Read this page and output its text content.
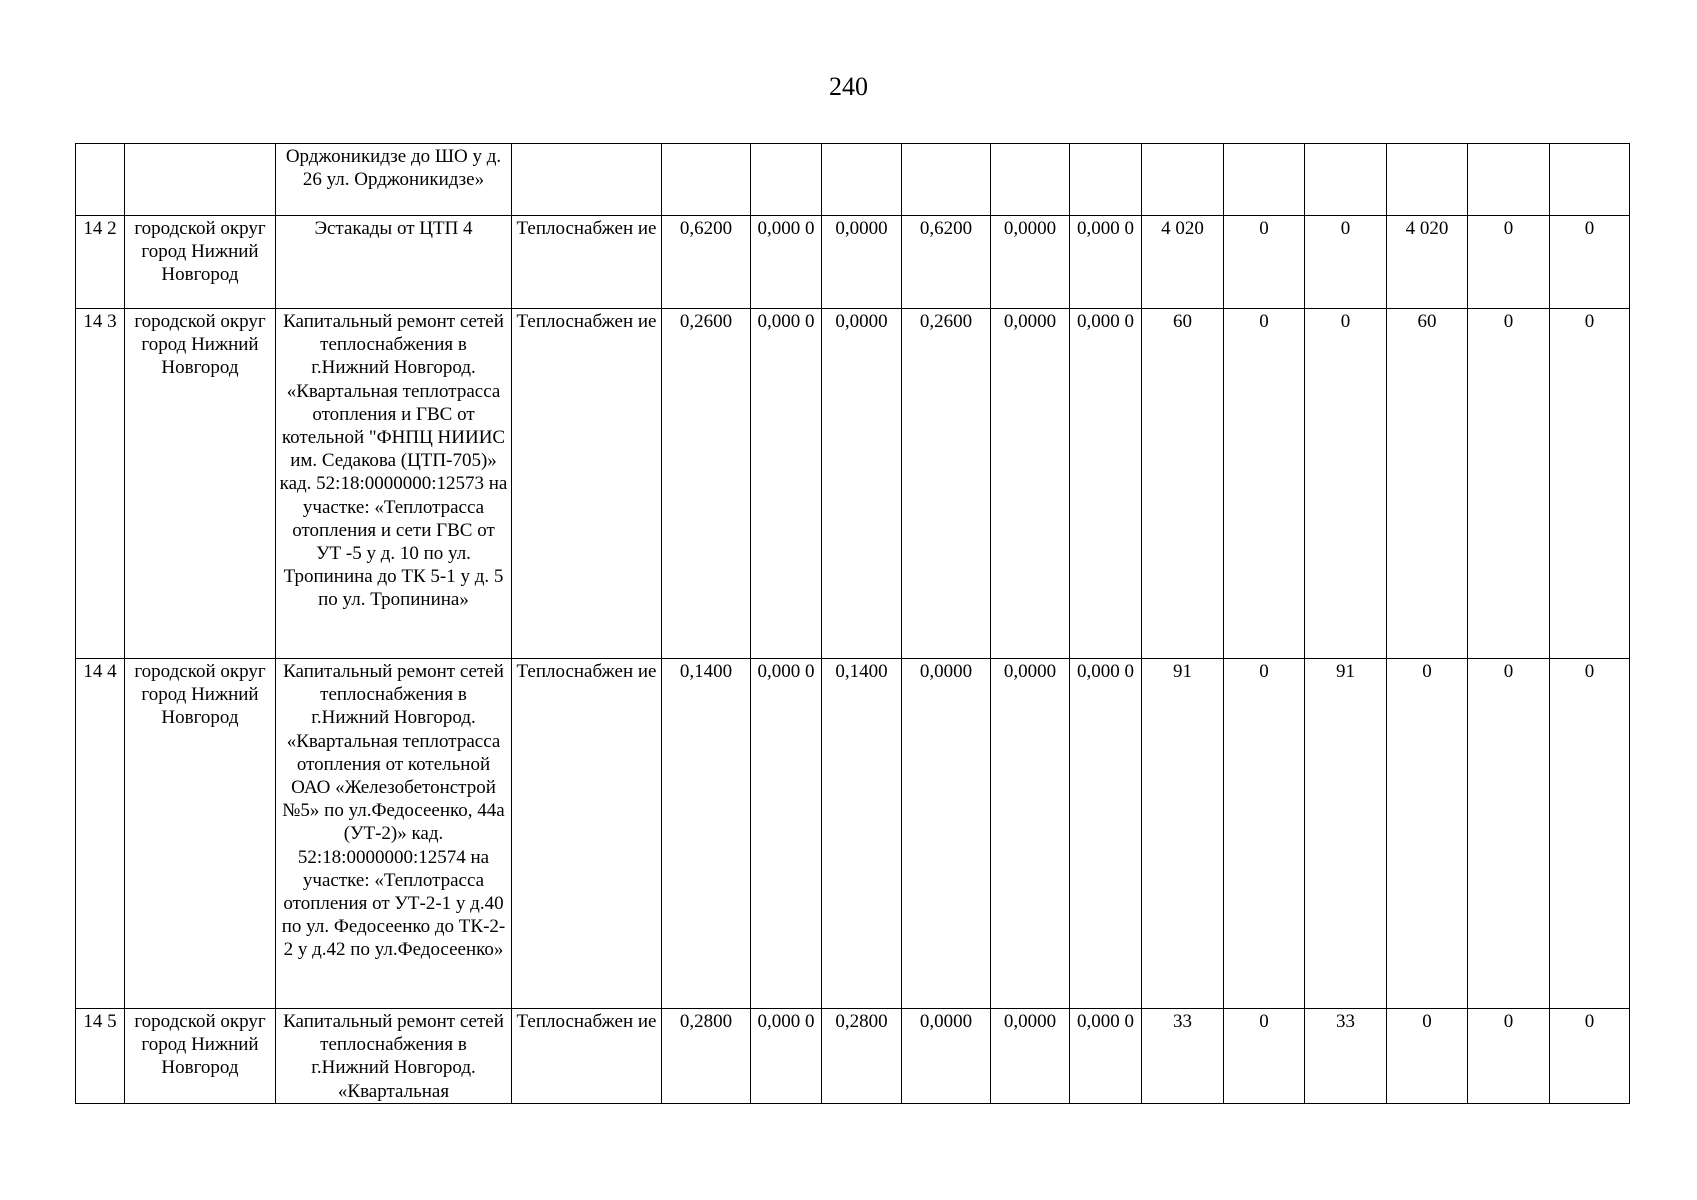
240
		Орджоникидзе до ШО у д. 26 ул. Орджоникидзе»													
14 2	городской округ город Нижний Новгород	Эстакады от ЦТП 4	Теплоснабжен ие	0,6200	0,000 0	0,0000	0,6200	0,0000	0,000 0	4 020	0	0	4 020	0	0
14 3	городской округ город Нижний Новгород	Капитальный ремонт сетей теплоснабжения в г.Нижний Новгород. «Квартальная теплотрасса отопления и ГВС от котельной "ФНПЦ НИИИС им. Седакова (ЦТП-705)» кад. 52:18:0000000:12573 на участке: «Теплотрасса отопления и сети ГВС от УТ -5 у д. 10 по ул. Тропинина до ТК 5-1 у д. 5 по ул. Тропинина»	Теплоснабжен ие	0,2600	0,000 0	0,0000	0,2600	0,0000	0,000 0	60	0	0	60	0	0
14 4	городской округ город Нижний Новгород	Капитальный ремонт сетей теплоснабжения в г.Нижний Новгород. «Квартальная теплотрасса отопления от котельной ОАО «Железобетонстрой №5» по ул.Федосеенко, 44а (УТ-2)» кад. 52:18:0000000:12574 на участке: «Теплотрасса отопления от УТ-2-1 у д.40 по ул. Федосеенко до ТК-2-2 у д.42 по ул.Федосеенко»	Теплоснабжен ие	0,1400	0,000 0	0,1400	0,0000	0,0000	0,000 0	91	0	91	0	0	0
14 5	городской округ город Нижний Новгород	Капитальный ремонт сетей теплоснабжения в г.Нижний Новгород. «Квартальная	Теплоснабжен ие	0,2800	0,000 0	0,2800	0,0000	0,0000	0,000 0	33	0	33	0	0	0
